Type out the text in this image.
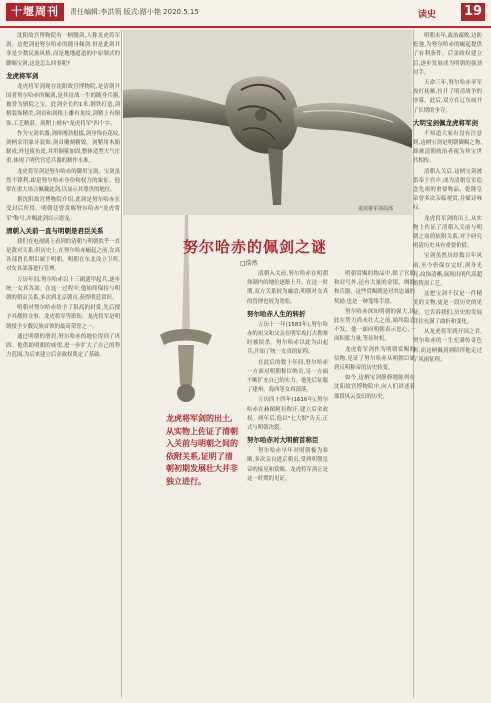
十堰周刊	责任编辑:李洪领 版式:路小艳 2020.5.15	读史 19

沈阳故宫博物院有一柄腰剑,人称龙虎将军剑。这把剑是努尔哈赤的随身佩剑,但是此剑并非是少数民族风格,而是地地道道的中原制式的御赐宝剑,这是怎么回事呢?

龙虎将军剑

龙虎将军剑现存沈阳故宫博物院,是清朝开国者努尔哈赤的佩剑,是其征战一生的随身兵器,被誉为镇院之宝。此剑全长约1米,钢铁打造,剑柄装饰精美,剑首和剑格上雕有龙纹,剑鞘上有铜饰,工艺精湛。剑鞘上刻有"龙虎将军"四个字。

作为宝剑名器,剑体刚劲挺拔,剑身饰有花纹,剑柄采用象牙装饰,剑首雕刻精致。剑鞘用木胎制成,外包鲨鱼皮,并用铜箍加固,整体造型大气庄重,体现了明代宫廷兵器的制作水准。

龙虎将军剑是努尔哈赤的御用宝剑。宝剑虽然不锋利,却是努尔哈赤身份和权力的象征。他常在重大场合佩戴此剑,以显示其尊贵的地位。

据沈阳故宫博物院介绍,此剑是努尔哈赤在受封后所得。明朝廷曾赏赐努尔哈赤"龙虎将军"称号,并赐此剑以示恩宠。

清朝入关前一直与明朝是君臣关系

我们在电视剧上看到的清朝与明朝似乎一直是敌对关系,但历史上,在努尔哈赤崛起之前,女真各部曾长期臣属于明朝。明朝在东北设立卫所,对女真部落进行管理。

万历年间,努尔哈赤以十三副遗甲起兵,逐步统一女真各部。在这一过程中,他始终保持与明朝的朝贡关系,多次到北京朝贡,获得明廷赏识。

明朝对努尔哈赤给予了很高的封赏,先后授予其都督佥事、龙虎将军等职衔。龙虎将军是明朝授予少数民族首领的最高荣誉之一。

通过明朝的册封,努尔哈赤的地位得到了巩固。他借助明朝的威望,进一步扩大了自己的势力范围,为后来建立后金政权奠定了基础。

龙虎将军剑局部
努尔哈赤的佩剑之谜
□浩然
龙虎将军剑的出土,从实物上佐证了清朝入关前与明朝之间的依附关系,证明了清朝初期发展壮大并非独立进行。

清朝入关前,努尔哈赤在明朝体制内的地位逐渐上升。在这一时期,双方关系较为融洽,明朝对女真的管理也较为宽松。

努尔哈赤人生的转折

万历十一年(1583年),努尔哈赤的祖父和父亲在明军攻打古勒寨时被误杀。努尔哈赤以此为由起兵,开始了统一女真的征程。

在此后的数十年间,努尔哈赤一方面对明朝称臣纳贡,另一方面不断扩充自己的实力。他先后征服了建州、海西等女真部落。

万历四十四年(1616年),努尔哈赤在赫图阿拉称汗,建立后金政权。两年后,他以"七大恨"告天,正式与明朝决裂。

努尔哈赤对大明俯首称臣

努尔哈赤早年对明朝极为恭顺,多次亲自进京朝贡,受到明朝皇帝的接见和赏赐。龙虎将军剑正是这一时期的见证。

明朝赏赐的物品中,除了官职和封号外,还有大量的金银、绸缎和兵器。这些赏赐既是对其忠诚的奖励,也是一种笼络手段。

努尔哈赤深知明朝的强大,因此在势力尚未壮大之前,始终隐忍不发。他一面向明朝表示忠心,一面积蓄力量,等待时机。

龙虎将军剑作为明朝赏赐的信物,见证了努尔哈赤从明朝臣属到反明称帝的历史转变。

如今,这柄宝剑静静地陈列在沈阳故宫博物院中,向人们讲述着那段风云变幻的历史。

明朝末年,政治腐败,边防松弛,为努尔哈赤的崛起提供了有利条件。后金政权建立后,逐步发展成为明朝的强劲对手。

天命三年,努尔哈赤率军攻打抚顺,拉开了明清战争的序幕。此后,双方在辽东展开了长期的争夺。

大明宝剑佩龙虎将军剑

不知道大家有没有注意到,这柄宝剑是明朝御赐之物,却被清朝统治者视为珍宝世代相传。

清朝入关后,这柄宝剑被供奉于宫中,成为清朝皇室追念先祖的重要物品。乾隆皇帝曾多次亲临观赏,并赋诗咏叹。

龙虎将军剑的出土,从实物上佐证了清朝入关前与明朝之间的依附关系,对于研究明清历史具有重要价值。

宝剑虽然历经数百年风雨,至今仍保存完好,剑身光亮,纹饰清晰,展现出明代高超的铸剑工艺。

这把宝剑不仅是一件精美的文物,更是一段历史的见证。它告诉我们,历史的发展往往充满了曲折和变化。

从龙虎将军到开国之君,努尔哈赤的一生充满传奇色彩,而这柄佩剑则陪伴他走过了风雨征程。
